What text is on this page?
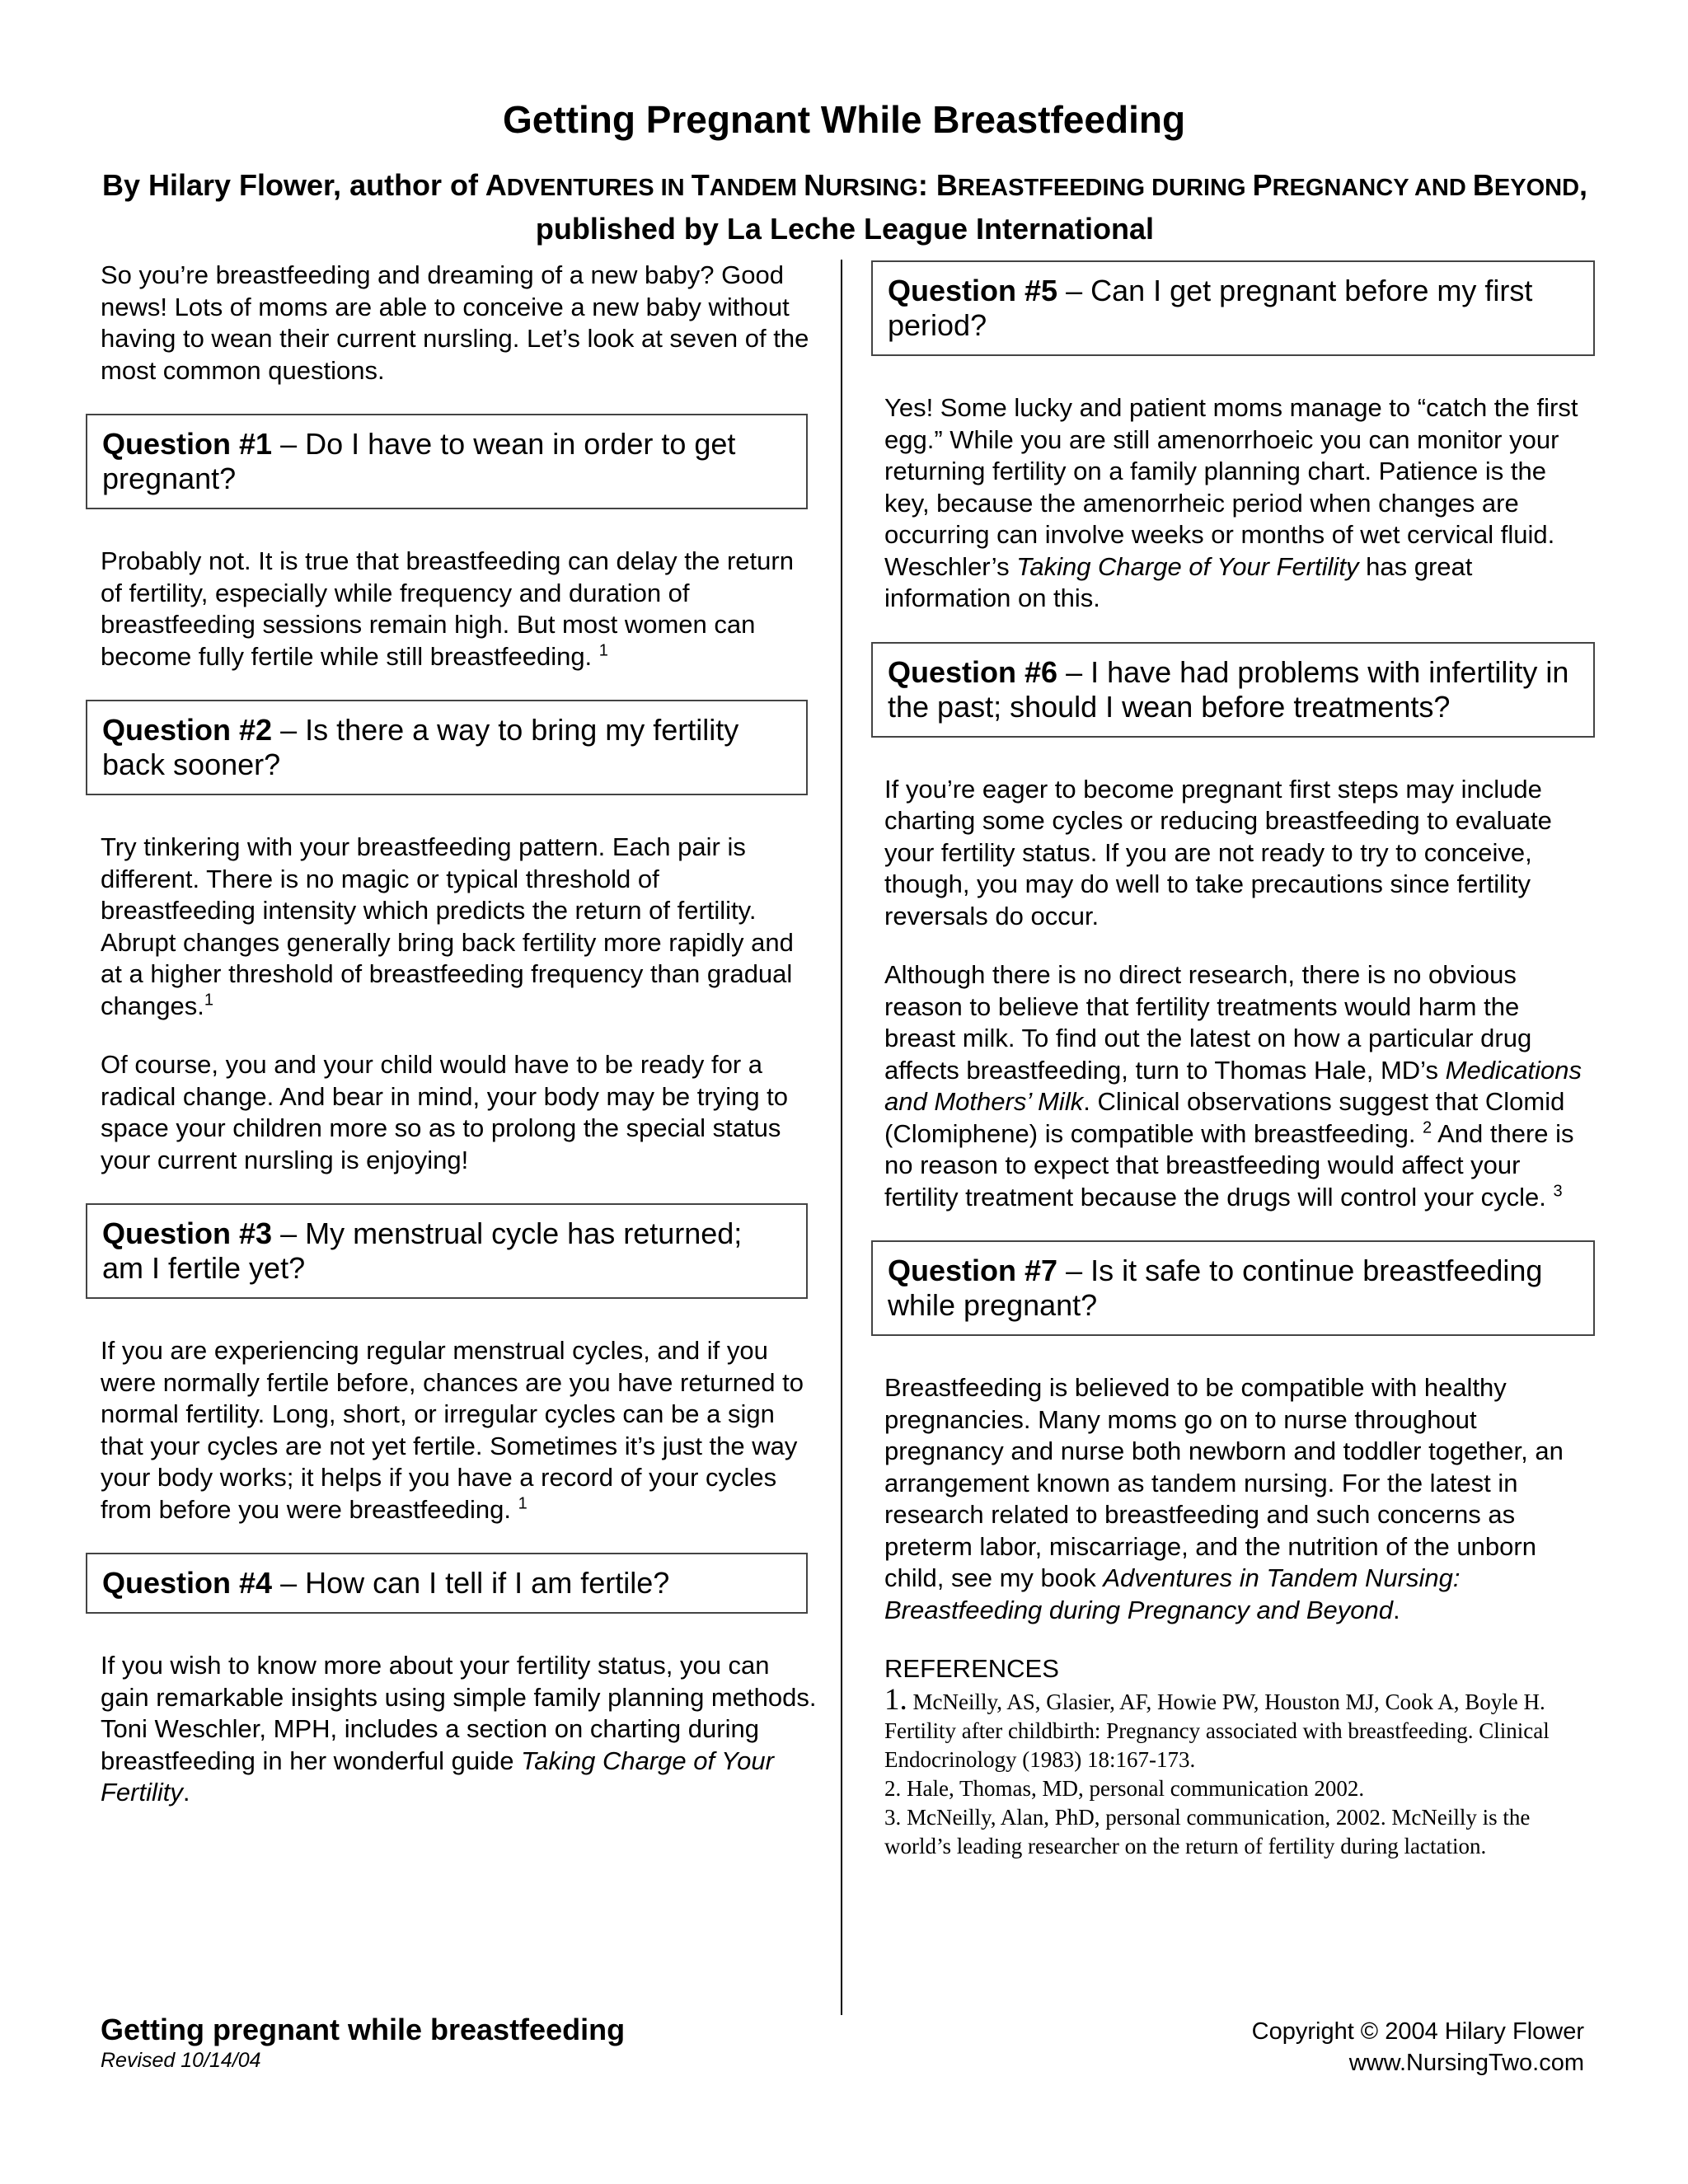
Getting Pregnant While Breastfeeding
By Hilary Flower, author of ADVENTURES IN TANDEM NURSING: BREASTFEEDING DURING PREGNANCY AND BEYOND, published by La Leche League International

So you’re breastfeeding and dreaming of a new baby? Good news! Lots of moms are able to conceive a new baby without having to wean their current nursling. Let’s look at seven of the most common questions.

Question #1 – Do I have to wean in order to get pregnant?

Probably not. It is true that breastfeeding can delay the return of fertility, especially while frequency and duration of breastfeeding sessions remain high. But most women can become fully fertile while still breastfeeding. $^1$

Question #2 – Is there a way to bring my fertility back sooner?

Try tinkering with your breastfeeding pattern. Each pair is different. There is no magic or typical threshold of breastfeeding intensity which predicts the return of fertility. Abrupt changes generally bring back fertility more rapidly and at a higher threshold of breastfeeding frequency than gradual changes.$^1$

Of course, you and your child would have to be ready for a radical change. And bear in mind, your body may be trying to space your children more so as to prolong the special status your current nursling is enjoying!

Question #3 – My menstrual cycle has returned; am I fertile yet?

If you are experiencing regular menstrual cycles, and if you were normally fertile before, chances are you have returned to normal fertility. Long, short, or irregular cycles can be a sign that your cycles are not yet fertile. Sometimes it’s just the way your body works; it helps if you have a record of your cycles from before you were breastfeeding. $^1$

Question #4 – How can I tell if I am fertile?

If you wish to know more about your fertility status, you can gain remarkable insights using simple family planning methods. Toni Weschler, MPH, includes a section on charting during breastfeeding in her wonderful guide Taking Charge of Your Fertility.

Question #5 – Can I get pregnant before my first period?

Yes! Some lucky and patient moms manage to “catch the first egg.” While you are still amenorrhoeic you can monitor your returning fertility on a family planning chart. Patience is the key, because the amenorrheic period when changes are occurring can involve weeks or months of wet cervical fluid. Weschler’s Taking Charge of Your Fertility has great information on this.

Question #6 – I have had problems with infertility in the past; should I wean before treatments?

If you’re eager to become pregnant first steps may include charting some cycles or reducing breastfeeding to evaluate your fertility status. If you are not ready to try to conceive, though, you may do well to take precautions since fertility reversals do occur.

Although there is no direct research, there is no obvious reason to believe that fertility treatments would harm the breast milk. To find out the latest on how a particular drug affects breastfeeding, turn to Thomas Hale, MD’s Medications and Mothers’ Milk. Clinical observations suggest that Clomid (Clomiphene) is compatible with breastfeeding. $^2$ And there is no reason to expect that breastfeeding would affect your fertility treatment because the drugs will control your cycle. $^3$

Question #7 – Is it safe to continue breastfeeding while pregnant?

Breastfeeding is believed to be compatible with healthy pregnancies. Many moms go on to nurse throughout pregnancy and nurse both newborn and toddler together, an arrangement known as tandem nursing. For the latest in research related to breastfeeding and such concerns as preterm labor, miscarriage, and the nutrition of the unborn child, see my book Adventures in Tandem Nursing: Breastfeeding during Pregnancy and Beyond.

REFERENCES

1. McNeilly, AS, Glasier, AF, Howie PW, Houston MJ, Cook A, Boyle H. Fertility after childbirth: Pregnancy associated with breastfeeding. Clinical Endocrinology (1983) 18:167-173.

2. Hale, Thomas, MD, personal communication 2002.

3. McNeilly, Alan, PhD, personal communication, 2002. McNeilly is the world’s leading researcher on the return of fertility during lactation.

Getting pregnant while breastfeeding
Revised 10/14/04
Copyright © 2004 Hilary Flower
www.NursingTwo.com
